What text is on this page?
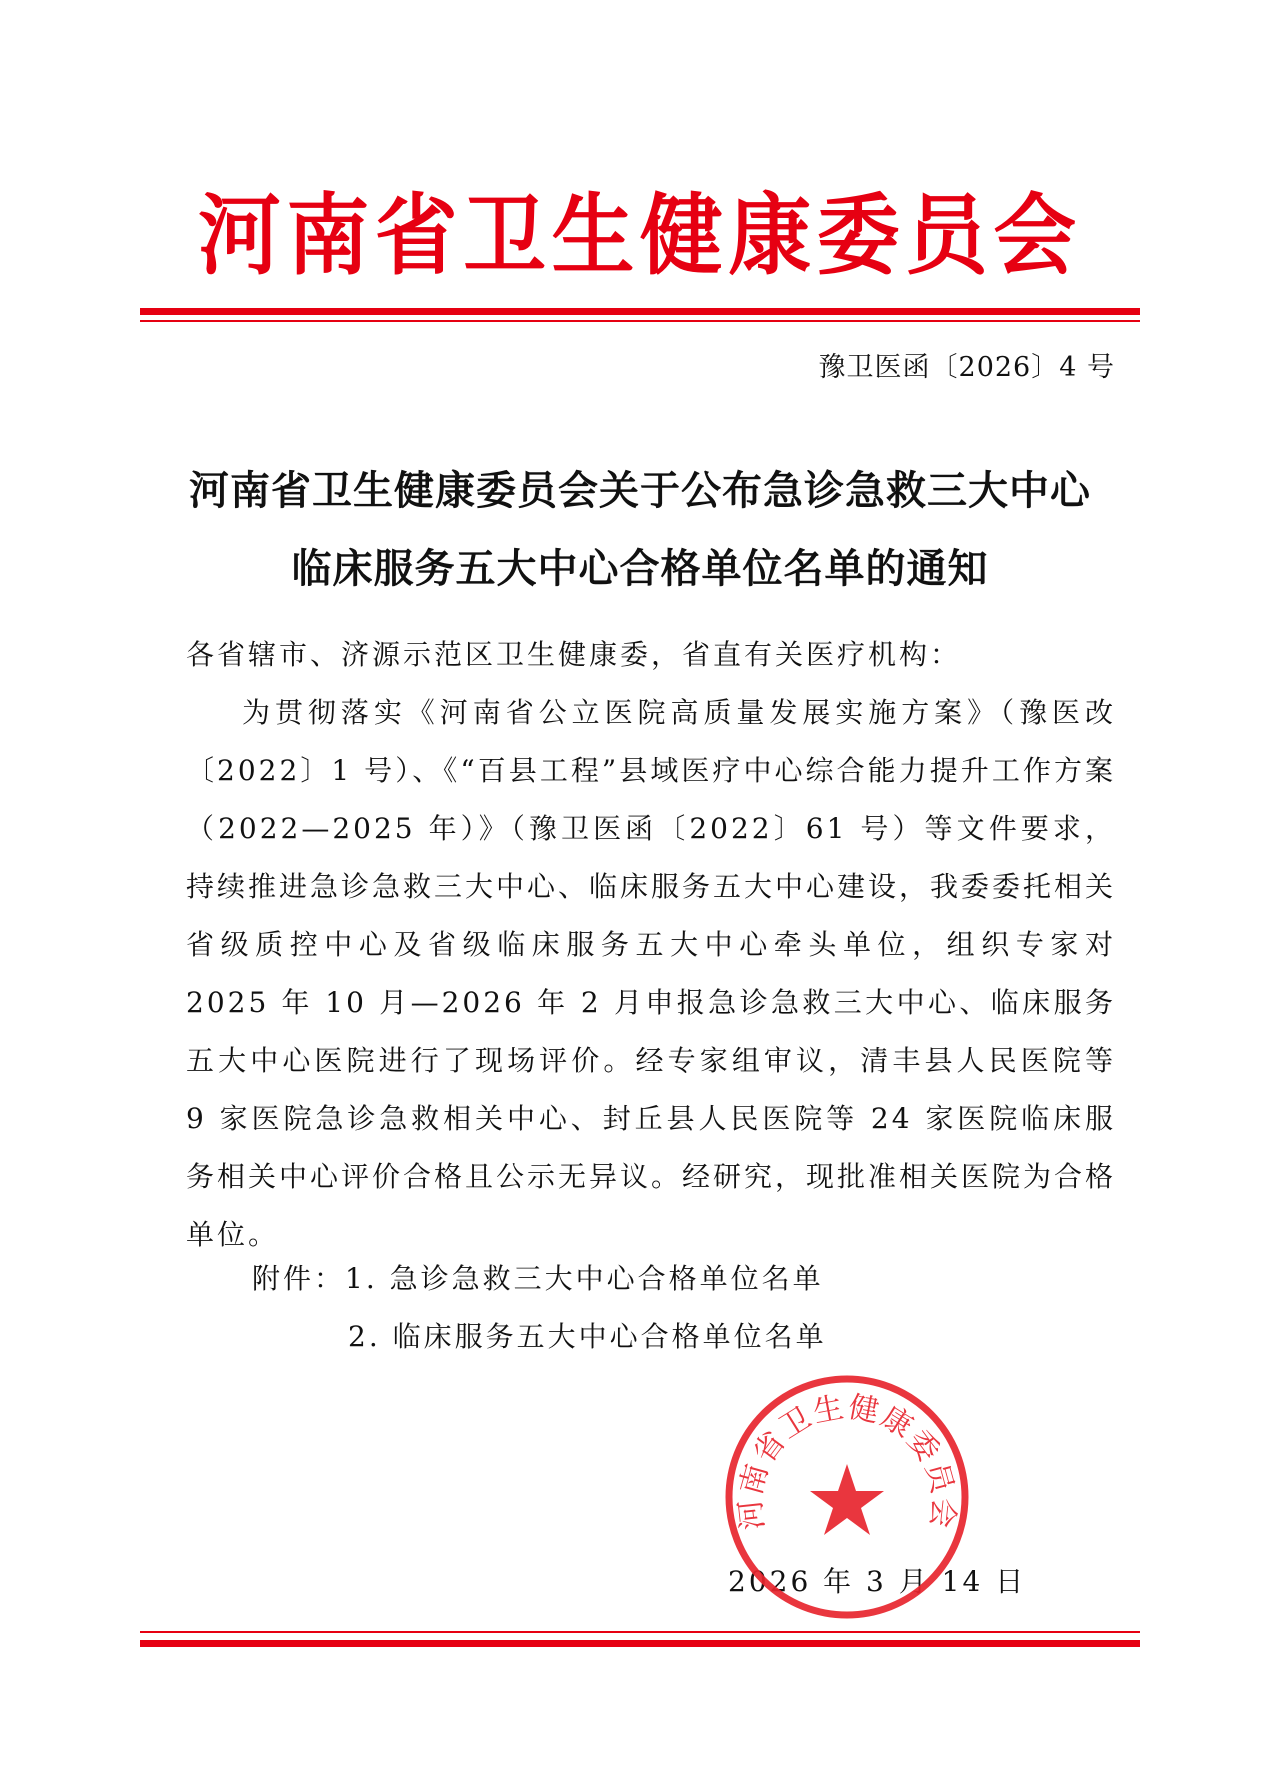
河南省卫生健康委员会
豫卫医函〔2026〕4 号
河南省卫生健康委员会关于公布急诊急救三大中心
临床服务五大中心合格单位名单的通知
各省辖市、济源示范区卫生健康委，省直有关医疗机构：
为贯彻落实《河南省公立医院高质量发展实施方案》（豫医改〔2022〕1 号）、《“百县工程”县域医疗中心综合能力提升工作方案（2022—2025 年）》（豫卫医函〔2022〕61 号）等文件要求，持续推进急诊急救三大中心、临床服务五大中心建设，我委委托相关省级质控中心及省级临床服务五大中心牵头单位，组织专家对 2025 年 10 月—2026 年 2 月申报急诊急救三大中心、临床服务五大中心医院进行了现场评价。经专家组审议，清丰县人民医院等 9 家医院急诊急救相关中心、封丘县人民医院等 24 家医院临床服务相关中心评价合格且公示无异议。经研究，现批准相关医院为合格单位。
附件：1. 急诊急救三大中心合格单位名单
2. 临床服务五大中心合格单位名单
2026 年 3 月 14 日
河南省卫生健康委员会
